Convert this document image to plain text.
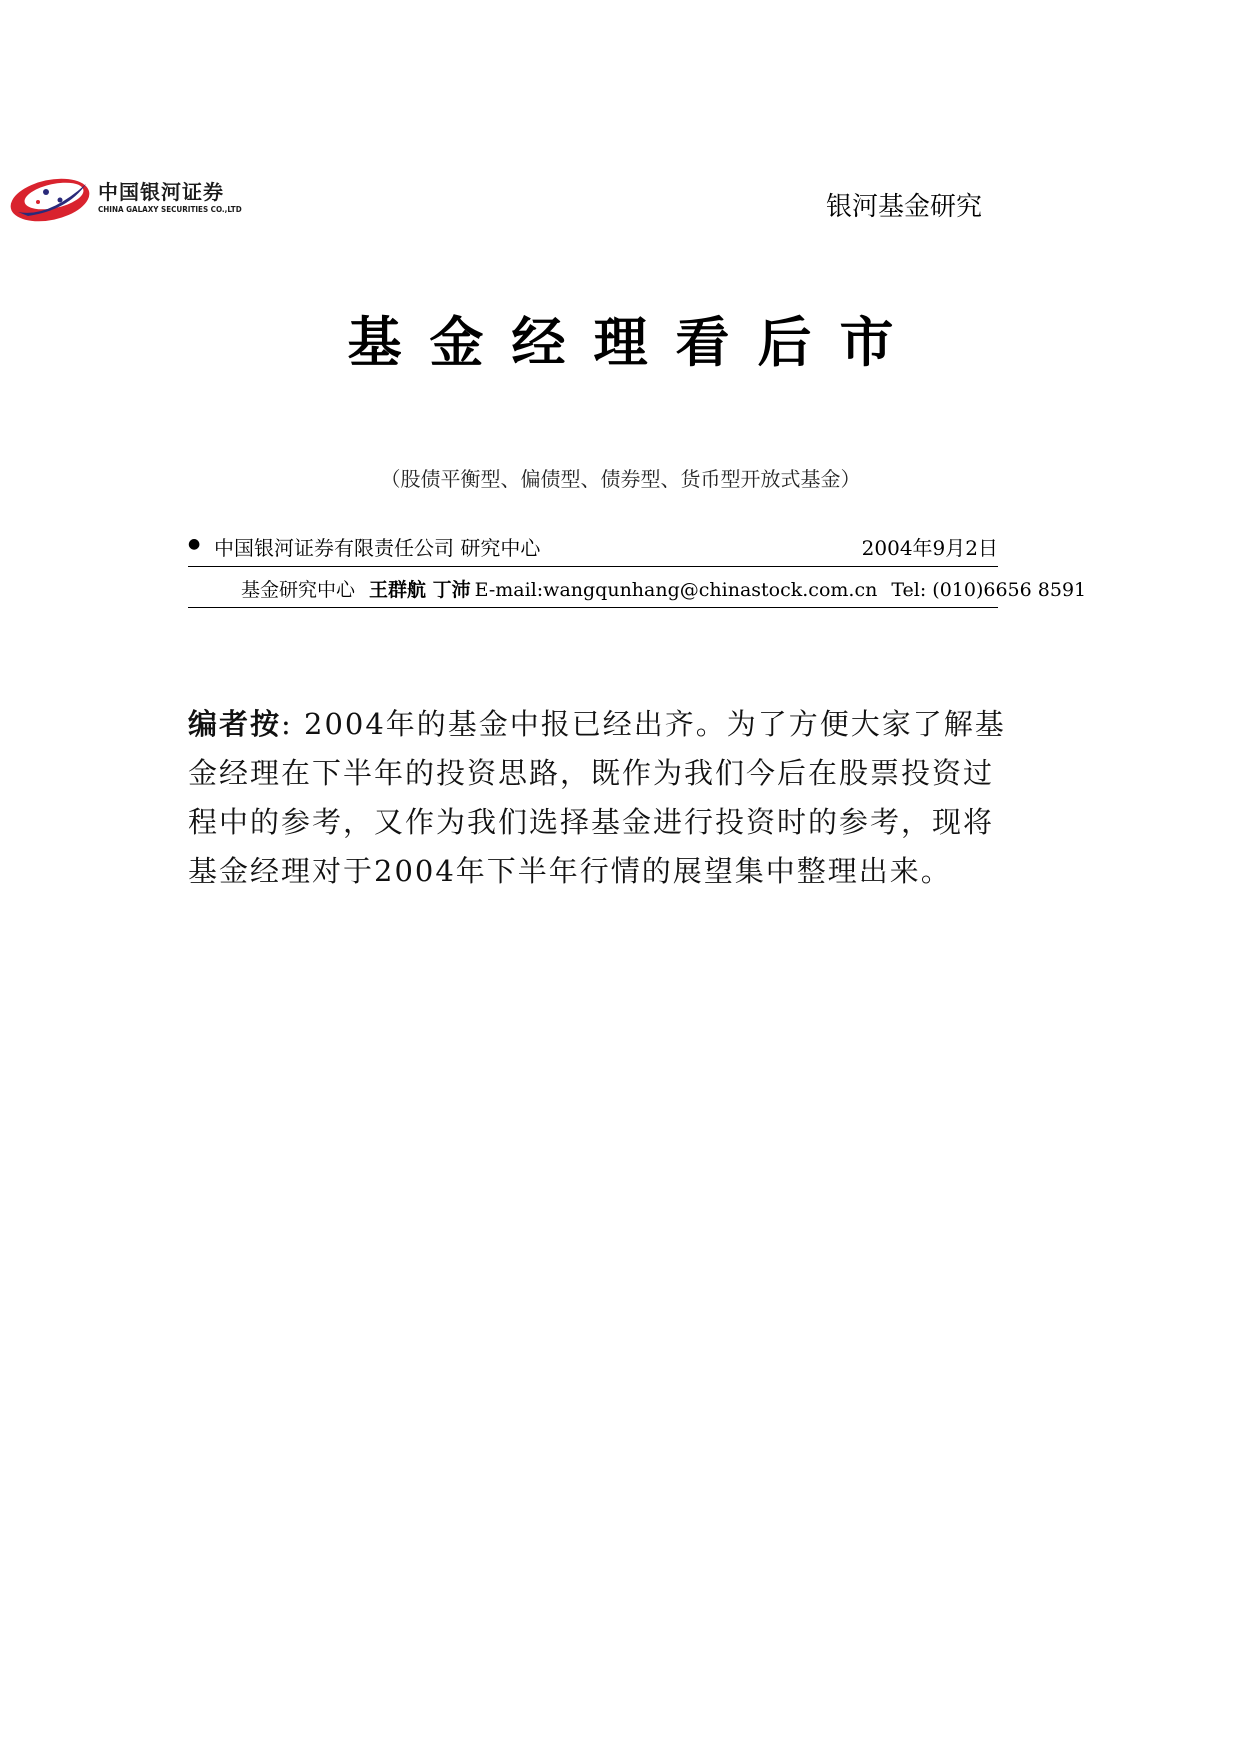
中国银河证券
CHINA GALAXY SECURITIES CO.,LTD	银河基金研究
基金经理看后市
（股债平衡型、偏债型、债券型、货币型开放式基金）
● 中国银河证券有限责任公司 研究中心	2004年9月2日
基金研究中心 王群航 丁沛 E-mail:wangqunhang@chinastock.com.cn Tel: (010)6656 8591
编者按: 2004年的基金中报已经出齐。为了方便大家了解基金经理在下半年的投资思路，既作为我们今后在股票投资过程中的参考，又作为我们选择基金进行投资时的参考，现将基金经理对于2004年下半年行情的展望集中整理出来。
